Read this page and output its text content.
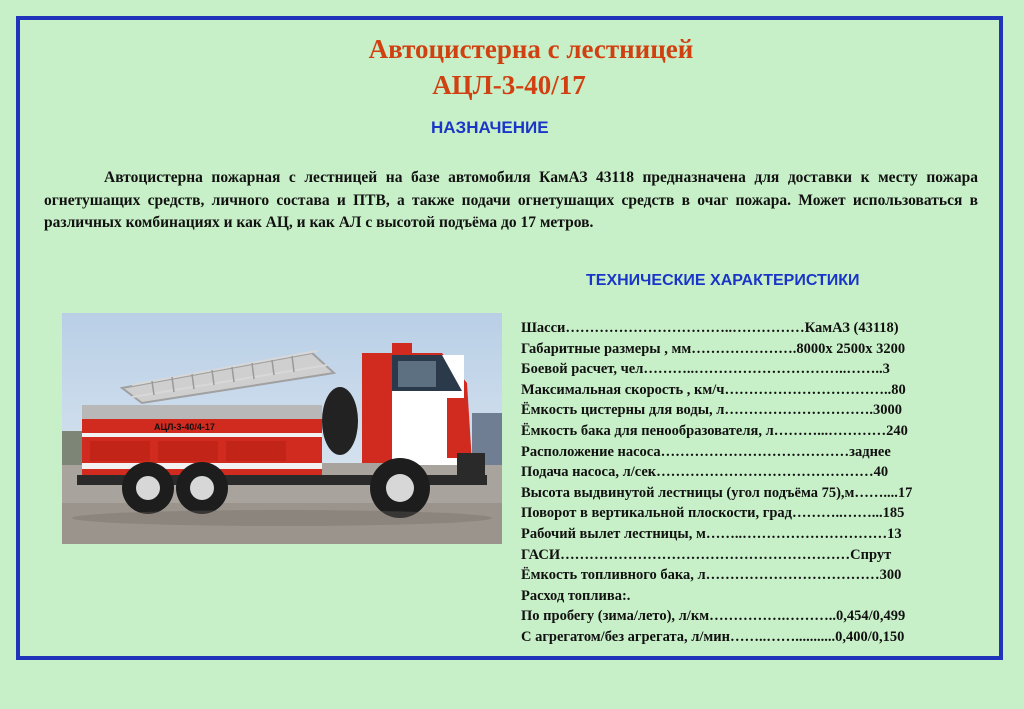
Автоцистерна с лестницей
АЦЛ-3-40/17
НАЗНАЧЕНИЕ
Автоцистерна пожарная с лестницей на базе автомобиля КамАЗ 43118 предназначена для доставки к месту пожара огнетушащих средств, личного состава и ПТВ, а также подачи огнетушащих средств в очаг пожара. Может использоваться в различных комбинациях и как АЦ, и как АЛ с высотой подъёма до 17 метров.
ТЕХНИЧЕСКИЕ ХАРАКТЕРИСТИКИ
АЦЛ-3-40/4-17
Шасси……………………………..……………КамАЗ (43118)
Габаритные размеры , мм………………….8000х 2500х 3200
Боевой расчет, чел………..…………………………..……..3
Максимальная скорость , км/ч……………………………..80
Ёмкость цистерны для воды, л………………………….3000
Ёмкость бака для пенообразователя, л………...…………240
Расположение насоса…………………………………заднее
Подача насоса, л/сек………………………………………40
Высота выдвинутой лестницы (угол подъёма 75),м……....17
Поворот в вертикальной плоскости, град………..……...185
Рабочий вылет лестницы, м……..…………………………13
ГАСИ……………………………………………………Спрут
Ёмкость топливного бака, л………………………………300
Расход топлива:.
По пробегу (зима/лето), л/км…………….………..0,454/0,499
С агрегатом/без агрегата, л/мин……..……...........0,400/0,150
